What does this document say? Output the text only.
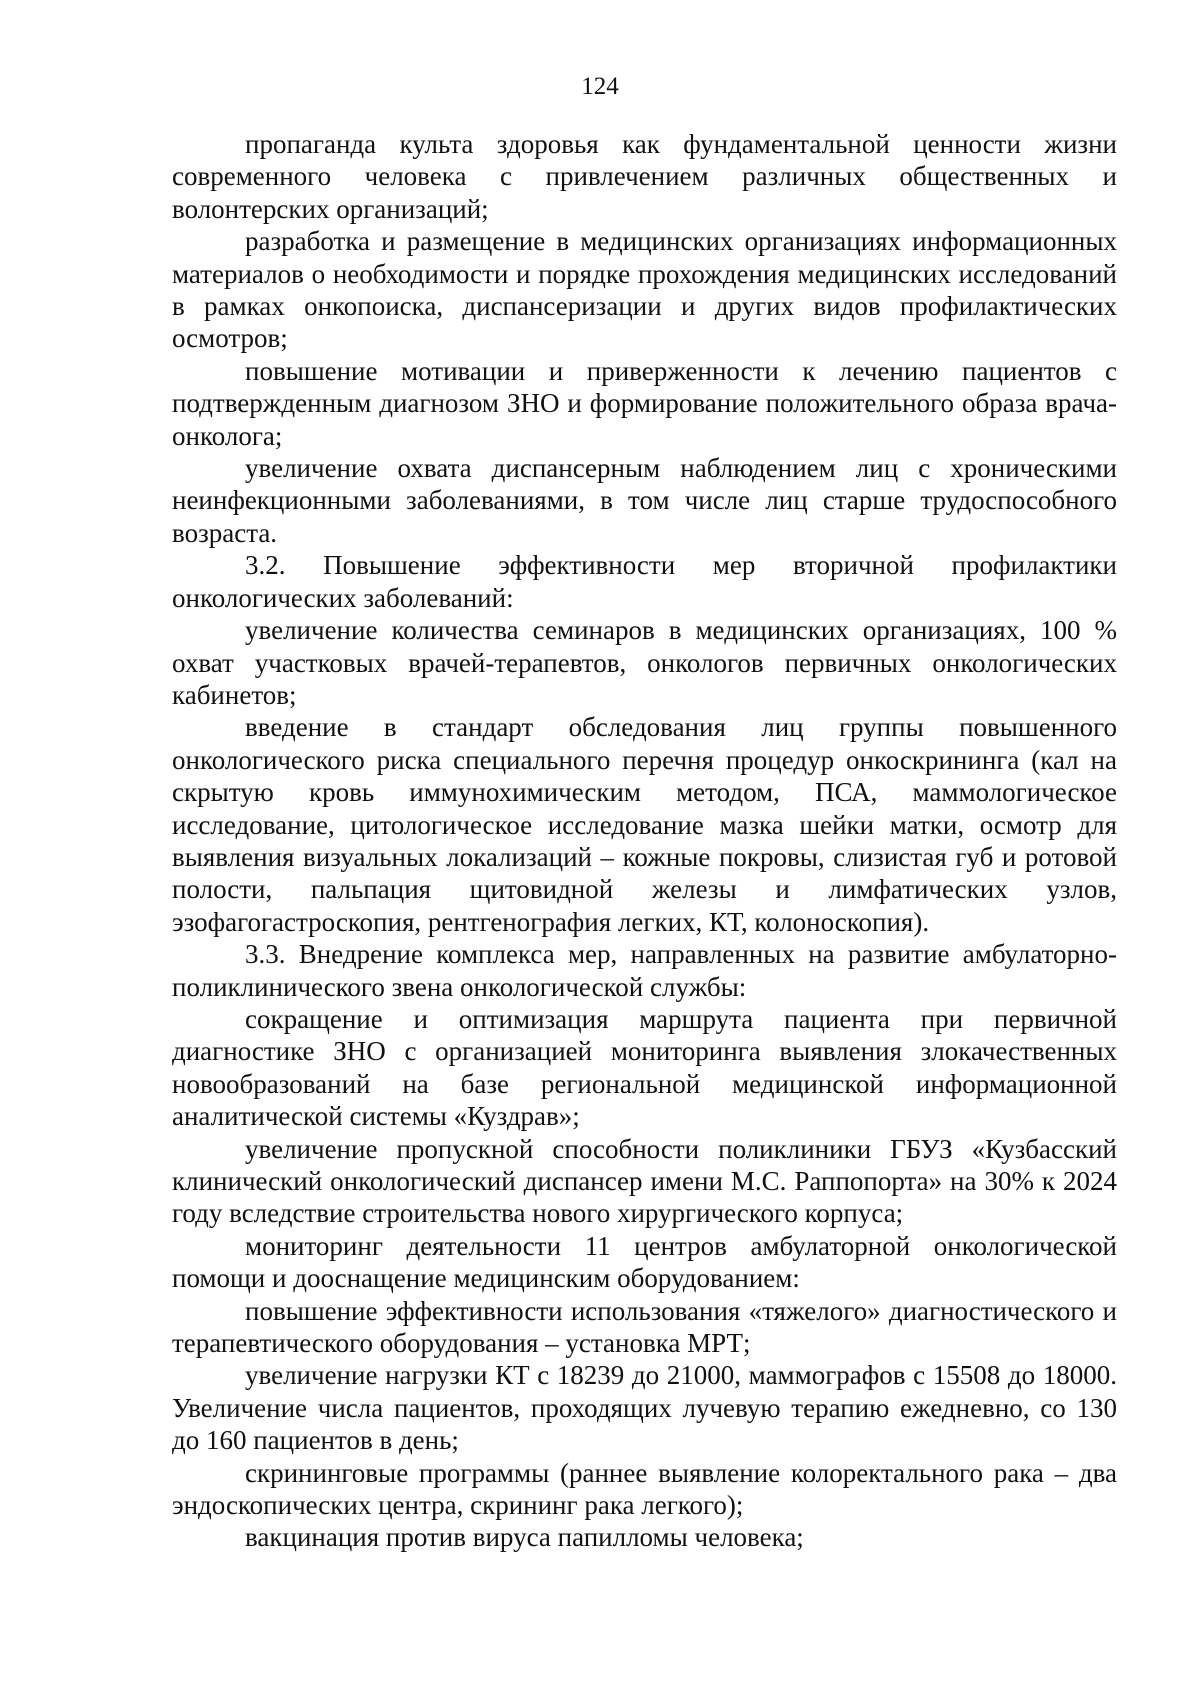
124

пропаганда культа здоровья как фундаментальной ценности жизни современного человека с привлечением различных общественных и волонтерских организаций;

разработка и размещение в медицинских организациях информационных материалов о необходимости и порядке прохождения медицинских исследований в рамках онкопоиска, диспансеризации и других видов профилактических осмотров;

повышение мотивации и приверженности к лечению пациентов с подтвержденным диагнозом ЗНО и формирование положительного образа врача-онколога;

увеличение охвата диспансерным наблюдением лиц с хроническими неинфекционными заболеваниями, в том числе лиц старше трудоспособного возраста.

3.2. Повышение эффективности мер вторичной профилактики онкологических заболеваний:

увеличение количества семинаров в медицинских организациях, 100 % охват участковых врачей-терапевтов, онкологов первичных онкологических кабинетов;

введение в стандарт обследования лиц группы повышенного онкологического риска специального перечня процедур онкоскрининга (кал на скрытую кровь иммунохимическим методом, ПСА, маммологическое исследование, цитологическое исследование мазка шейки матки, осмотр для выявления визуальных локализаций – кожные покровы, слизистая губ и ротовой полости, пальпация щитовидной железы и лимфатических узлов, эзофагогастроскопия, рентгенография легких, КТ, колоноскопия).

3.3. Внедрение комплекса мер, направленных на развитие амбулаторно-поликлинического звена онкологической службы:

сокращение и оптимизация маршрута пациента при первичной диагностике ЗНО с организацией мониторинга выявления злокачественных новообразований на базе региональной медицинской информационной аналитической системы «Куздрав»;

увеличение пропускной способности поликлиники ГБУЗ «Кузбасский клинический онкологический диспансер имени М.С. Раппопорта» на 30% к 2024 году вследствие строительства нового хирургического корпуса;

мониторинг деятельности 11 центров амбулаторной онкологической помощи и дооснащение медицинским оборудованием:

повышение эффективности использования «тяжелого» диагностического и терапевтического оборудования – установка МРТ;

увеличение нагрузки КТ с 18239 до 21000, маммографов с 15508 до 18000. Увеличение числа пациентов, проходящих лучевую терапию ежедневно, со 130 до 160 пациентов в день;

скрининговые программы (раннее выявление колоректального рака – два эндоскопических центра, скрининг рака легкого);

вакцинация против вируса папилломы человека;
